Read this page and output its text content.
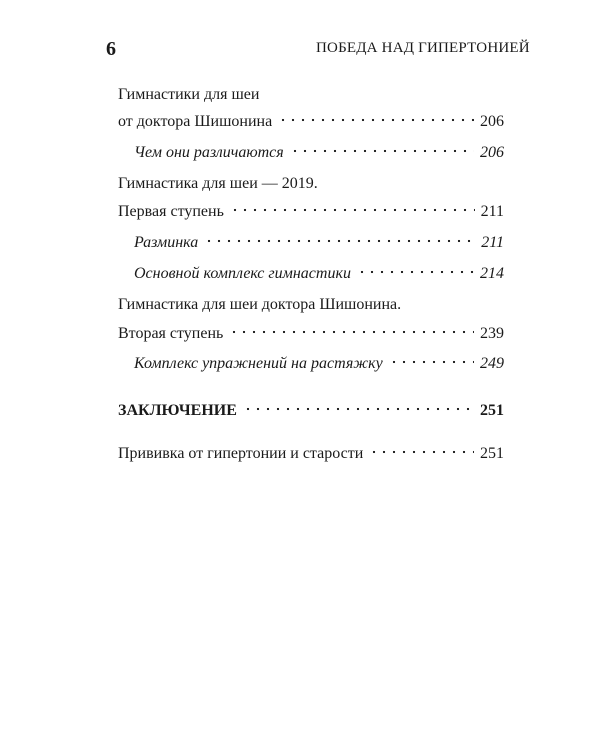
6	ПОБЕДА НАД ГИПЕРТОНИЕЙ
Гимнастики для шеи
от доктора Шишонина	206
Чем они различаются	206
Гимнастика для шеи — 2019.
Первая ступень	211
Разминка	211
Основной комплекс гимнастики	214
Гимнастика для шеи доктора Шишонина.
Вторая ступень	239
Комплекс упражнений на растяжку	249
ЗАКЛЮЧЕНИЕ	251
Прививка от гипертонии и старости	251
